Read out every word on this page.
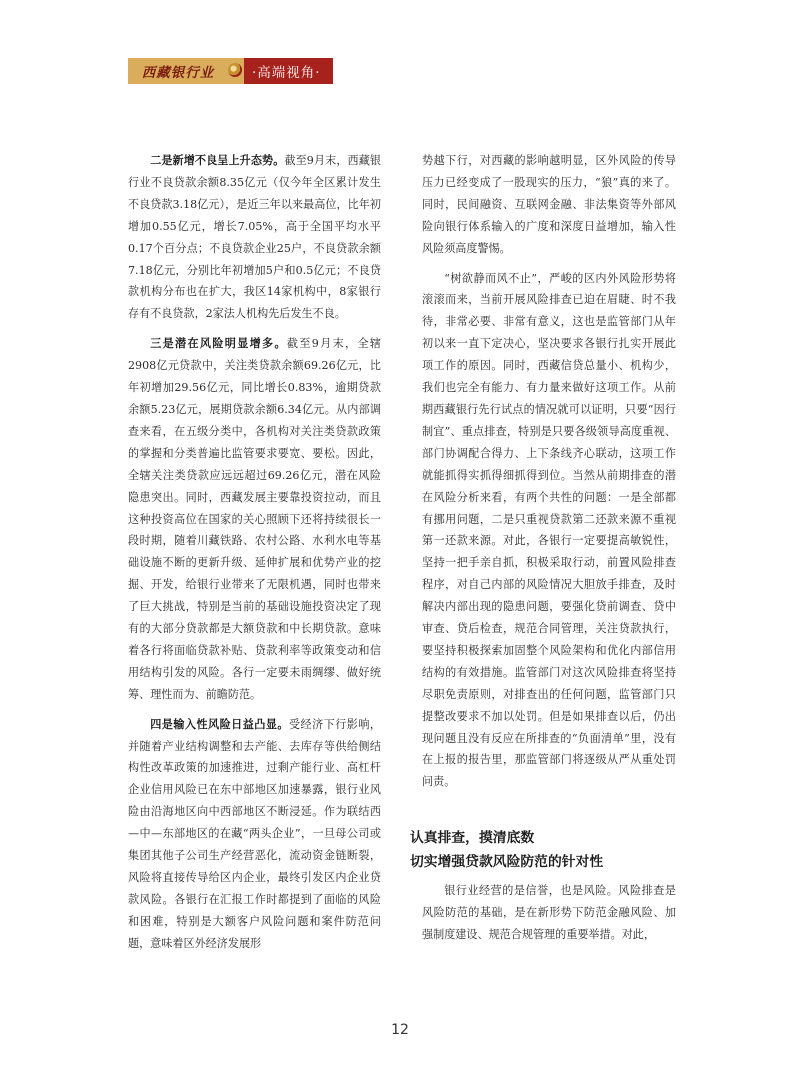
西藏银行业	·高端视角·

二是新增不良呈上升态势。截至9月末，西藏银行业不良贷款余额8.35亿元（仅今年全区累计发生不良贷款3.18亿元），是近三年以来最高位，比年初增加0.55亿元，增长7.05%，高于全国平均水平0.17个百分点；不良贷款企业25户，不良贷款余额7.18亿元，分别比年初增加5户和0.5亿元；不良贷款机构分布也在扩大，我区14家机构中，8家银行存有不良贷款，2家法人机构先后发生不良。

三是潜在风险明显增多。截至9月末，全辖2908亿元贷款中，关注类贷款余额69.26亿元，比年初增加29.56亿元，同比增长0.83%，逾期贷款余额5.23亿元，展期贷款余额6.34亿元。从内部调查来看，在五级分类中，各机构对关注类贷款政策的掌握和分类普遍比监管要求要宽、要松。因此，全辖关注类贷款应远远超过69.26亿元，潜在风险隐患突出。同时，西藏发展主要靠投资拉动，而且这种投资高位在国家的关心照顾下还将持续很长一段时期，随着川藏铁路、农村公路、水利水电等基础设施不断的更新升级、延伸扩展和优势产业的挖掘、开发，给银行业带来了无限机遇，同时也带来了巨大挑战，特别是当前的基础设施投资决定了现有的大部分贷款都是大额贷款和中长期贷款。意味着各行将面临贷款补贴、贷款利率等政策变动和信用结构引发的风险。各行一定要未雨绸缪、做好统筹、理性而为、前瞻防范。

四是输入性风险日益凸显。受经济下行影响，并随着产业结构调整和去产能、去库存等供给侧结构性改革政策的加速推进，过剩产能行业、高杠杆企业信用风险已在东中部地区加速暴露，银行业风险由沿海地区向中西部地区不断浸延。作为联结西—中—东部地区的在藏“两头企业”，一旦母公司或集团其他子公司生产经营恶化，流动资金链断裂，风险将直接传导给区内企业，最终引发区内企业贷款风险。各银行在汇报工作时都提到了面临的风险和困难，特别是大额客户风险问题和案件防范问题，意味着区外经济发展形

势越下行，对西藏的影响越明显，区外风险的传导压力已经变成了一股现实的压力，“狼”真的来了。同时，民间融资、互联网金融、非法集资等外部风险向银行体系输入的广度和深度日益增加，输入性风险须高度警惕。

“树欲静而风不止”，严峻的区内外风险形势将滚滚而来，当前开展风险排查已迫在眉睫、时不我待，非常必要、非常有意义，这也是监管部门从年初以来一直下定决心，坚决要求各银行扎实开展此项工作的原因。同时，西藏信贷总量小、机构少，我们也完全有能力、有力量来做好这项工作。从前期西藏银行先行试点的情况就可以证明，只要“因行制宜”、重点排查，特别是只要各级领导高度重视、部门协调配合得力、上下条线齐心联动，这项工作就能抓得实抓得细抓得到位。当然从前期排查的潜在风险分析来看，有两个共性的问题：一是全部都有挪用问题，二是只重视贷款第二还款来源不重视第一还款来源。对此，各银行一定要提高敏锐性，坚持一把手亲自抓，积极采取行动，前置风险排查程序，对自己内部的风险情况大胆放手排查，及时解决内部出现的隐患问题，要强化贷前调查、贷中审查、贷后检查，规范合同管理，关注贷款执行，要坚持积极探索加固整个风险架构和优化内部信用结构的有效措施。监管部门对这次风险排查将坚持尽职免责原则，对排查出的任何问题，监管部门只提整改要求不加以处罚。但是如果排查以后，仍出现问题且没有反应在所排查的“负面清单”里，没有在上报的报告里，那监管部门将逐级从严从重处罚问责。

认真排查，摸清底数
切实增强贷款风险防范的针对性

银行业经营的是信誉，也是风险。风险排查是风险防范的基础，是在新形势下防范金融风险、加强制度建设、规范合规管理的重要举措。对此，

12
